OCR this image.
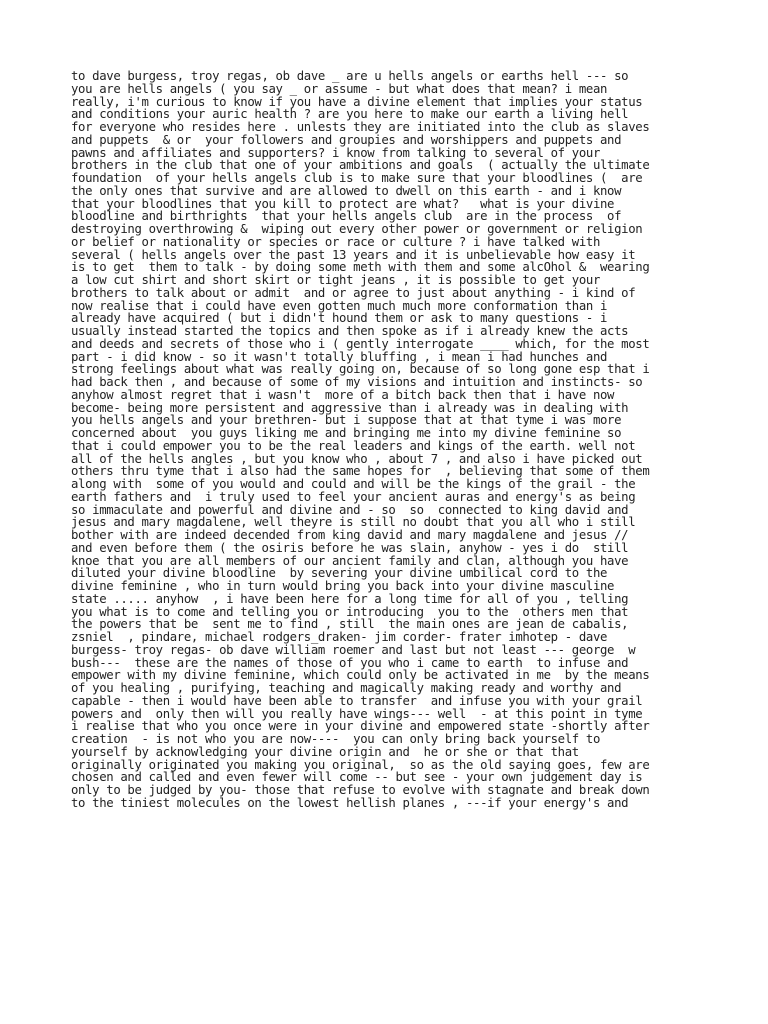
to dave burgess, troy regas, ob dave _ are u hells angels or earths hell --- so
you are hells angels ( you say _ or assume - but what does that mean? i mean
really, i'm curious to know if you have a divine element that implies your status
and conditions your auric health ? are you here to make our earth a living hell
for everyone who resides here . unlests they are initiated into the club as slaves
and puppets  & or  your followers and groupies and worshippers and puppets and
pawns and affiliates and supporters? i know from talking to several of your
brothers in the club that one of your ambitions and goals  ( actually the ultimate
foundation  of your hells angels club is to make sure that your bloodlines (  are
the only ones that survive and are allowed to dwell on this earth - and i know
that your bloodlines that you kill to protect are what?   what is your divine
bloodline and birthrights  that your hells angels club  are in the process  of
destroying overthrowing &  wiping out every other power or government or religion
or belief or nationality or species or race or culture ? i have talked with
several ( hells angels over the past 13 years and it is unbelievable how easy it
is to get  them to talk - by doing some meth with them and some alcOhol &  wearing
a low cut shirt and short skirt or tight jeans , it is possible to get your
brothers to talk about or admit  and or agree to just about anything - i kind of
now realise that i could have even gotten much much more conformation than i
already have acquired ( but i didn't hound them or ask to many questions - i
usually instead started the topics and then spoke as if i already knew the acts
and deeds and secrets of those who i ( gently interrogate ____ which, for the most
part - i did know - so it wasn't totally bluffing , i mean i had hunches and
strong feelings about what was really going on, because of so long gone esp that i
had back then , and because of some of my visions and intuition and instincts- so
anyhow almost regret that i wasn't  more of a bitch back then that i have now
become- being more persistent and aggressive than i already was in dealing with
you hells angels and your brethren- but i suppose that at that tyme i was more
concerned about  you guys liking me and bringing me into my divine feminine so
that i could empower you to be the real leaders and kings of the earth. well not
all of the hells angles , but you know who , about 7 , and also i have picked out
others thru tyme that i also had the same hopes for  , believing that some of them
along with  some of you would and could and will be the kings of the grail - the
earth fathers and  i truly used to feel your ancient auras and energy's as being
so immaculate and powerful and divine and - so  so  connected to king david and
jesus and mary magdalene, well theyre is still no doubt that you all who i still
bother with are indeed decended from king david and mary magdalene and jesus //
and even before them ( the osiris before he was slain, anyhow - yes i do  still
knoe that you are all members of our ancient family and clan, although you have
diluted your divine bloodline  by severing your divine umbilical cord to the
divine feminine , who in turn would bring you back into your divine masculine
state ..... anyhow  , i have been here for a long time for all of you , telling
you what is to come and telling you or introducing  you to the  others men that
the powers that be  sent me to find , still  the main ones are jean de cabalis,
zsniel  , pindare, michael rodgers_draken- jim corder- frater imhotep - dave
burgess- troy regas- ob dave william roemer and last but not least --- george  w
bush---  these are the names of those of you who i came to earth  to infuse and
empower with my divine feminine, which could only be activated in me  by the means
of you healing , purifying, teaching and magically making ready and worthy and
capable - then i would have been able to transfer  and infuse you with your grail
powers and  only then will you really have wings--- well  - at this point in tyme
i realise that who you once were in your divine and empowered state -shortly after
creation  - is not who you are now----  you can only bring back yourself to
yourself by acknowledging your divine origin and  he or she or that that
originally originated you making you original,  so as the old saying goes, few are
chosen and called and even fewer will come -- but see - your own judgement day is
only to be judged by you- those that refuse to evolve with stagnate and break down
to the tiniest molecules on the lowest hellish planes , ---if your energy's and
